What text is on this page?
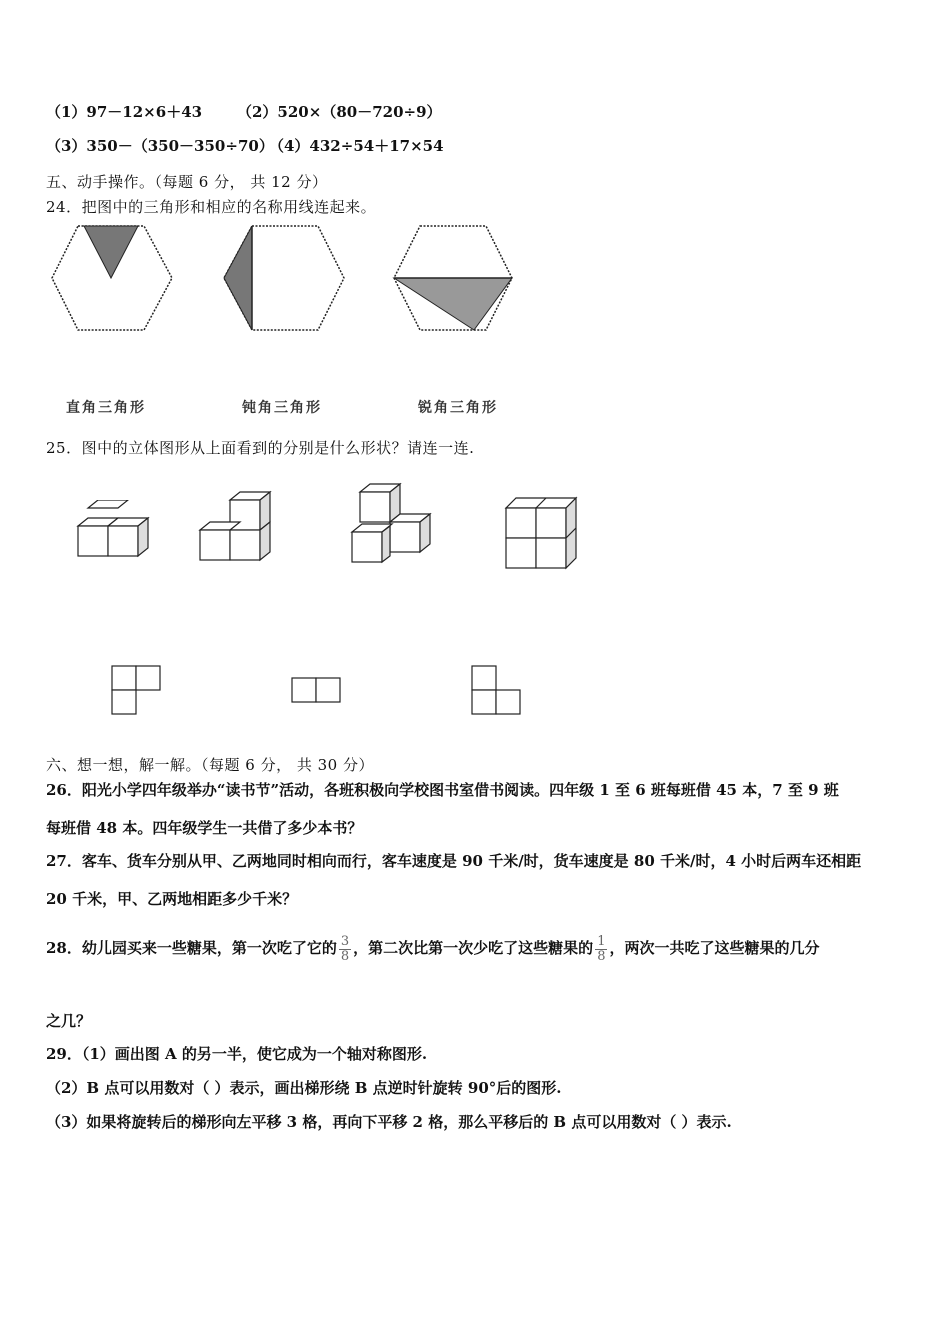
（1）97－12×6＋43 （2）520×（80－720÷9）
（3）350－（350－350÷70）
（4）432÷54＋17×54
五、动手操作。（每题 6 分， 共 12 分）
24．把图中的三角形和相应的名称用线连起来。
直角三角形	钝角三角形	锐角三角形
25．图中的立体图形从上面看到的分别是什么形状？请连一连.
六、想一想，解一解。（每题 6 分， 共 30 分）
26．阳光小学四年级举办“读书节”活动，各班积极向学校图书室借书阅读。四年级 1 至 6 班每班借 45 本，7 至 9 班
每班借 48 本。四年级学生一共借了多少本书？
27．客车、货车分别从甲、乙两地同时相向而行，客车速度是 90 千米/时，货车速度是 80 千米/时，4 小时后两车还相距
20 千米，甲、乙两地相距多少千米？
28．幼儿园买来一些糖果，第一次吃了它的 $\frac{3}{8}$ ，第二次比第一次少吃了这些糖果的 $\frac{1}{8}$ ，两次一共吃了这些糖果的几分
之几？
29．（1）画出图 A 的另一半，使它成为一个轴对称图形.
（2）B 点可以用数对（ ）表示，画出梯形绕 B 点逆时针旋转 90°后的图形.
（3）如果将旋转后的梯形向左平移 3 格，再向下平移 2 格，那么平移后的 B 点可以用数对（ ）表示.
